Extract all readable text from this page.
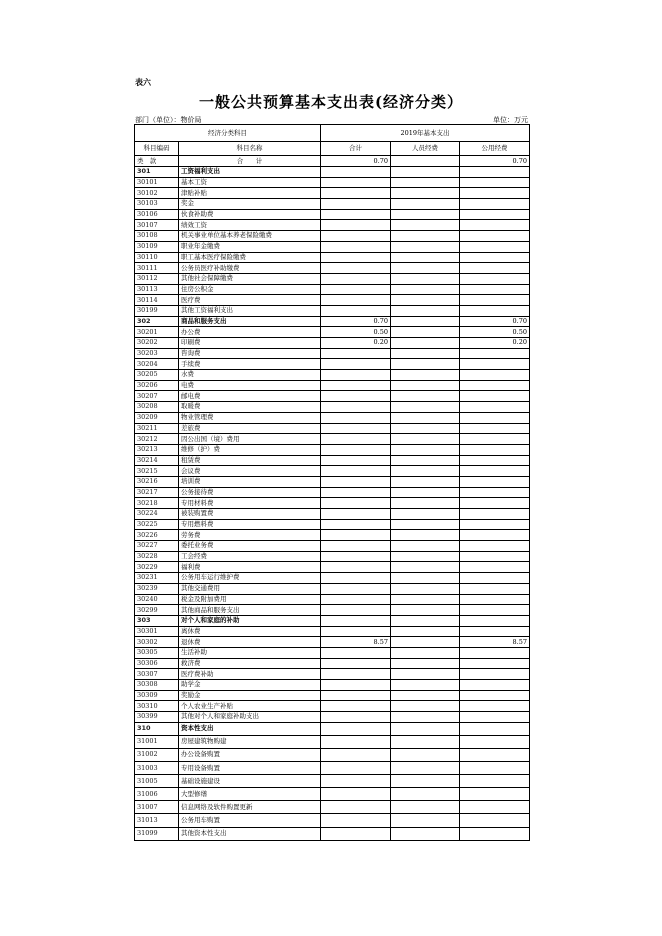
表六
一般公共预算基本支出表(经济分类）
部门（单位）：物价局	单位：万元
经济分类科目		2019年基本支出		
科目编码	科目名称	合计	人员经费	公用经费
类 款	合      计	0.70		0.70
301	工资福利支出			
30101	基本工资			
30102	津贴补贴			
30103	奖金			
30106	伙食补助费			
30107	绩效工资			
30108	机关事业单位基本养老保险缴费			
30109	职业年金缴费			
30110	职工基本医疗保险缴费			
30111	公务员医疗补助缴费			
30112	其他社会保障缴费			
30113	住房公积金			
30114	医疗费			
30199	其他工资福利支出			
302	商品和服务支出	0.70		0.70
30201	办公费	0.50		0.50
30202	印刷费	0.20		0.20
30203	咨询费			
30204	手续费			
30205	水费			
30206	电费			
30207	邮电费			
30208	取暖费			
30209	物业管理费			
30211	差旅费			
30212	因公出国（境）费用			
30213	维修（护）费			
30214	租赁费			
30215	会议费			
30216	培训费			
30217	公务接待费			
30218	专用材料费			
30224	被装购置费			
30225	专用燃料费			
30226	劳务费			
30227	委托业务费			
30228	工会经费			
30229	福利费			
30231	公务用车运行维护费			
30239	其他交通费用			
30240	税金及附加费用			
30299	其他商品和服务支出			
303	对个人和家庭的补助			
30301	离休费			
30302	退休费	8.57		8.57
30305	生活补助			
30306	救济费			
30307	医疗费补助			
30308	助学金			
30309	奖励金			
30310	个人农业生产补贴			
30399	其他对个人和家庭补助支出			
310	资本性支出			
31001	房屋建筑物购建			
31002	办公设备购置			
31003	专用设备购置			
31005	基础设施建设			
31006	大型修缮			
31007	信息网络及软件购置更新			
31013	公务用车购置			
31099	其他资本性支出			
